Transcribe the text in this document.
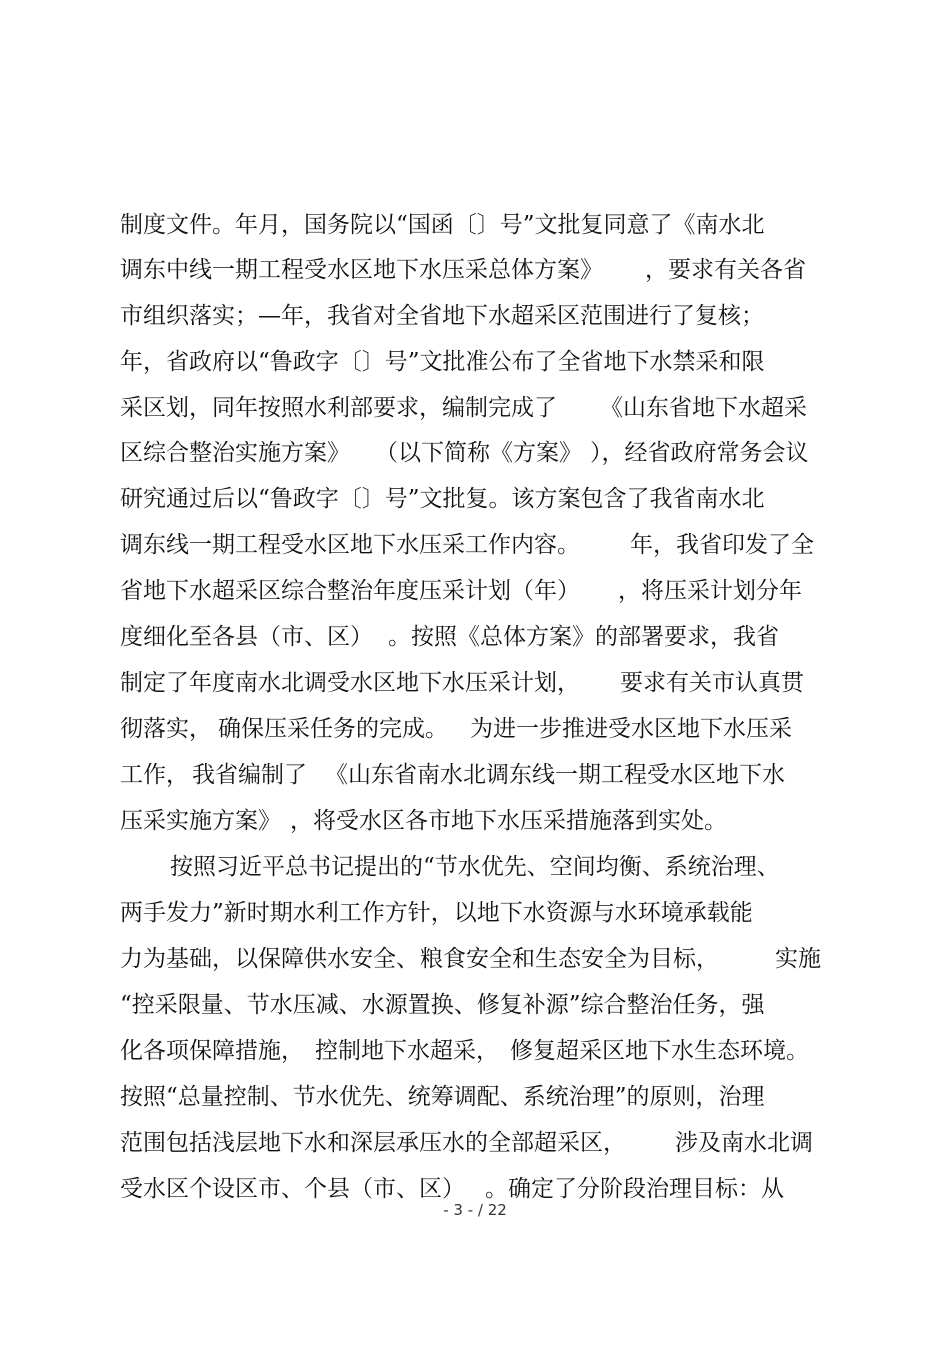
制度文件。年月，国务院以“国函〔〕号”文批复同意了《南水北
调东中线一期工程受水区地下水压采总体方案》 ，要求有关各省
市组织落实；—年，我省对全省地下水超采区范围进行了复核；
年，省政府以“鲁政字〔〕号”文批准公布了全省地下水禁采和限
采区划，同年按照水利部要求，编制完成了 《山东省地下水超采
区综合整治实施方案》 （以下简称《方案》 ），经省政府常务会议
研究通过后以“鲁政字〔〕号”文批复。该方案包含了我省南水北
调东线一期工程受水区地下水压采工作内容。 年，我省印发了全
省地下水超采区综合整治年度压采计划（年） ，将压采计划分年
度细化至各县（市、区） 。按照《总体方案》的部署要求，我省
制定了年度南水北调受水区地下水压采计划， 要求有关市认真贯
彻落实， 确保压采任务的完成。 为进一步推进受水区地下水压采
工作， 我省编制了 《山东省南水北调东线一期工程受水区地下水
压采实施方案》 ，将受水区各市地下水压采措施落到实处。
按照习近平总书记提出的“节水优先、空间均衡、系统治理、
两手发力”新时期水利工作方针，以地下水资源与水环境承载能
力为基础，以保障供水安全、 粮食安全和生态安全为目标， 实施
“控采限量、节水压减、水源置换、修复补源”综合整治任务，强
化各项保障措施， 控制地下水超采， 修复超采区地下水生态环境。
按照“总量控制、节水优先、统筹调配、系统治理”的原则，治理
范围包括浅层地下水和深层承压水的全部超采区， 涉及南水北调
受水区个设区市、个县（市、区） 。确定了分阶段治理目标：从
- 3 - / 22
